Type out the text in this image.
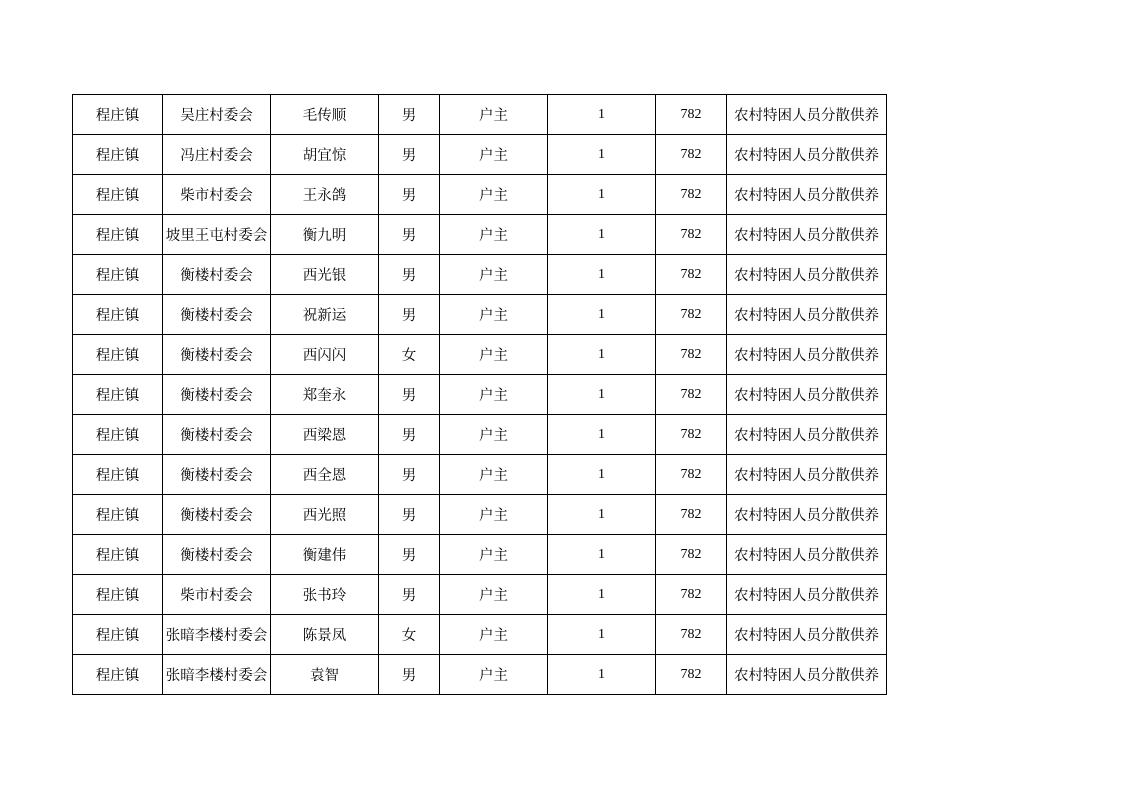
程庄镇	吴庄村委会	毛传顺	男	户主	1	782	农村特困人员分散供养
程庄镇	冯庄村委会	胡宜惊	男	户主	1	782	农村特困人员分散供养
程庄镇	柴市村委会	王永鸽	男	户主	1	782	农村特困人员分散供养
程庄镇	坡里王屯村委会	衡九明	男	户主	1	782	农村特困人员分散供养
程庄镇	衡楼村委会	西光银	男	户主	1	782	农村特困人员分散供养
程庄镇	衡楼村委会	祝新运	男	户主	1	782	农村特困人员分散供养
程庄镇	衡楼村委会	西闪闪	女	户主	1	782	农村特困人员分散供养
程庄镇	衡楼村委会	郑奎永	男	户主	1	782	农村特困人员分散供养
程庄镇	衡楼村委会	西梁恩	男	户主	1	782	农村特困人员分散供养
程庄镇	衡楼村委会	西全恩	男	户主	1	782	农村特困人员分散供养
程庄镇	衡楼村委会	西光照	男	户主	1	782	农村特困人员分散供养
程庄镇	衡楼村委会	衡建伟	男	户主	1	782	农村特困人员分散供养
程庄镇	柴市村委会	张书玲	男	户主	1	782	农村特困人员分散供养
程庄镇	张暗李楼村委会	陈景凤	女	户主	1	782	农村特困人员分散供养
程庄镇	张暗李楼村委会	袁智	男	户主	1	782	农村特困人员分散供养
